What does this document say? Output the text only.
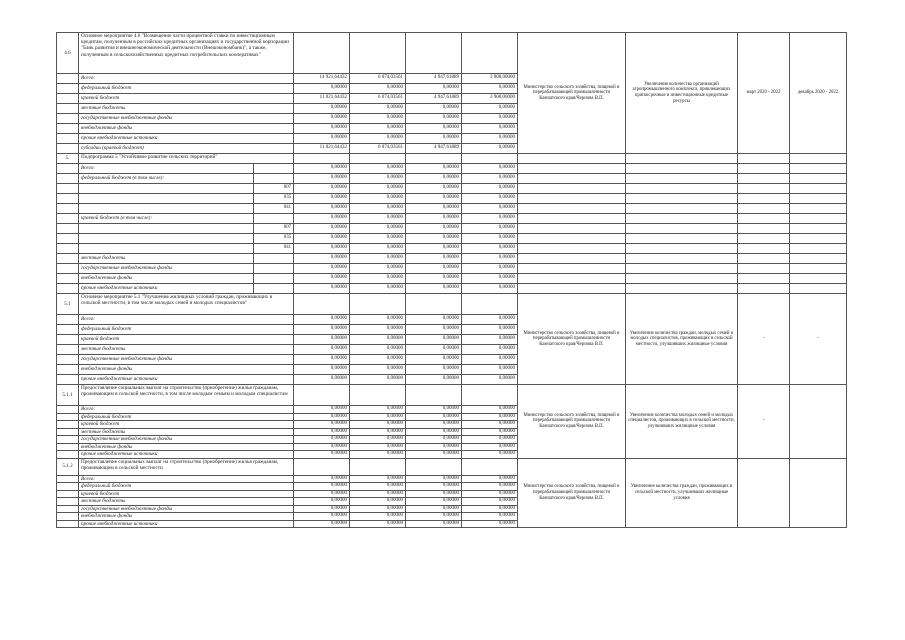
4.6	Основное мероприятие 4.6 "Возмещение части процентной ставки по инвестиционным кредитам, полученным в российских кредитных организациях и государственной корпорации "Банк развития и внешнеэкономической деятельности (Внешэкономбанк)", а также, полученным в сельскохозяйственных кредитных потребительских кооперативах"						Министерство сельского хозяйства, пищевой и перерабатывающей промышленности Камчатского края/Чернова В.П.	Увеличение количества организаций агропромышленного комплекса, привлекающих краткосрочные и инвестиционные кредитные ресурсы	март 2020 - 2022	декабрь 2020 - 2022
	Всего:		14 921,64432	6 074,03561	4 947,61889	3 900,00000				
	федеральный бюджет		0,00000	0,00000	0,00000	0,00000				
	краевой бюджет		11 021,64432	6 074,03561	4 947,61889	3 900,00000				
	местные бюджеты		0,00000	0,00000	0,00000	0,00000				
	государственные внебюджетные фонды		0,00000	0,00000	0,00000	0,00000				
	внебюджетные фонды		0,00000	0,00000	0,00000	0,00000				
	прочие внебюджетные источники		0,00000	0,00000	0,00000	0,00000				
	субсидии (краевой бюджет)		11 021,64432	6 074,03561	4 947,61889	0,00000				
5.	Подпрограмма 5 "Устойчивое развитие сельских территорий"									
	Всего:		0,00000	0,00000	0,00000	0,00000				
	федеральный бюджет (в том числе):		0,00000	0,00000	0,00000	0,00000				
		807	0,00000	0,00000	0,00000	0,00000				
		835	0,00000	0,00000	0,00000	0,00000				
		841	0,00000	0,00000	0,00000	0,00000				
	краевой бюджет (в том числе):		0,00000	0,00000	0,00000	0,00000				
		807	0,00000	0,00000	0,00000	0,00000				
		835	0,00000	0,00000	0,00000	0,00000				
		841	0,00000	0,00000	0,00000	0,00000				
	местные бюджеты		0,00000	0,00000	0,00000	0,00000				
	государственные внебюджетные фонды		0,00000	0,00000	0,00000	0,00000				
	внебюджетные фонды		0,00000	0,00000	0,00000	0,00000				
	прочие внебюджетные источники		0,00000	0,00000	0,00000	0,00000				
5.1	Основное мероприятие 5.1 "Улучшение жилищных условий граждан, проживающих в сельской местности, в том числе молодых семей и молодых специалистов"						Министерство сельского хозяйства, пищевой и перерабатывающей промышленности Камчатского края/Чернова В.П.	Увеличение количества граждан, молодых семей и молодых специалистов, проживающих в сельской местности, улучшивших жилищные условия	-	-
	Всего:		0,00000	0,00000	0,00000	0,00000				
	федеральный бюджет		0,00000	0,00000	0,00000	0,00000				
	краевой бюджет		0,00000	0,00000	0,00000	0,00000				
	местные бюджеты		0,00000	0,00000	0,00000	0,00000				
	государственные внебюджетные фонды		0,00000	0,00000	0,00000	0,00000				
	внебюджетные фонды		0,00000	0,00000	0,00000	0,00000				
	прочие внебюджетные источники		0,00000	0,00000	0,00000	0,00000				
5.1.1	Предоставление социальных выплат на строительство (приобретение) жилья гражданам, проживающим в сельской местности, в том числе молодым семьям и молодым специалистам						Министерство сельского хозяйства, пищевой и перерабатывающей промышленности Камчатского края/Чернова В.П.	Увеличение количества молодых семей и молодых специалистов, проживающих в сельской местности, улучшивших жилищные условия	-	
	Всего:		0,00000	0,00000	0,00000	0,00000				
	федеральный бюджет		0,00000	0,00000	0,00000	0,00000				
	краевой бюджет		0,00000	0,00000	0,00000	0,00000				
	местные бюджеты		0,00000	0,00000	0,00000	0,00000				
	государственные внебюджетные фонды		0,00000	0,00000	0,00000	0,00000				
	внебюджетные фонды		0,00000	0,00000	0,00000	0,00000				
	прочие внебюджетные источники		0,00000	0,00000	0,00000	0,00000				
5.1.2	Предоставление социальных выплат на строительство (приобретение) жилья гражданам, проживающим в сельской местности						Министерство сельского хозяйства, пищевой и перерабатывающей промышленности Камчатского края/Чернова В.П.	Увеличение количества граждан, проживающих в сельской местности, улучшивших жилищные условия		
	Всего:		0,00000	0,00000	0,00000	0,00000				
	федеральный бюджет		0,00000	0,00000	0,00000	0,00000				
	краевой бюджет		0,00000	0,00000	0,00000	0,00000				
	местные бюджеты		0,00000	0,00000	0,00000	0,00000				
	государственные внебюджетные фонды		0,00000	0,00000	0,00000	0,00000				
	внебюджетные фонды		0,00000	0,00000	0,00000	0,00000				
	прочие внебюджетные источники		0,00000	0,00000	0,00000	0,00000				
